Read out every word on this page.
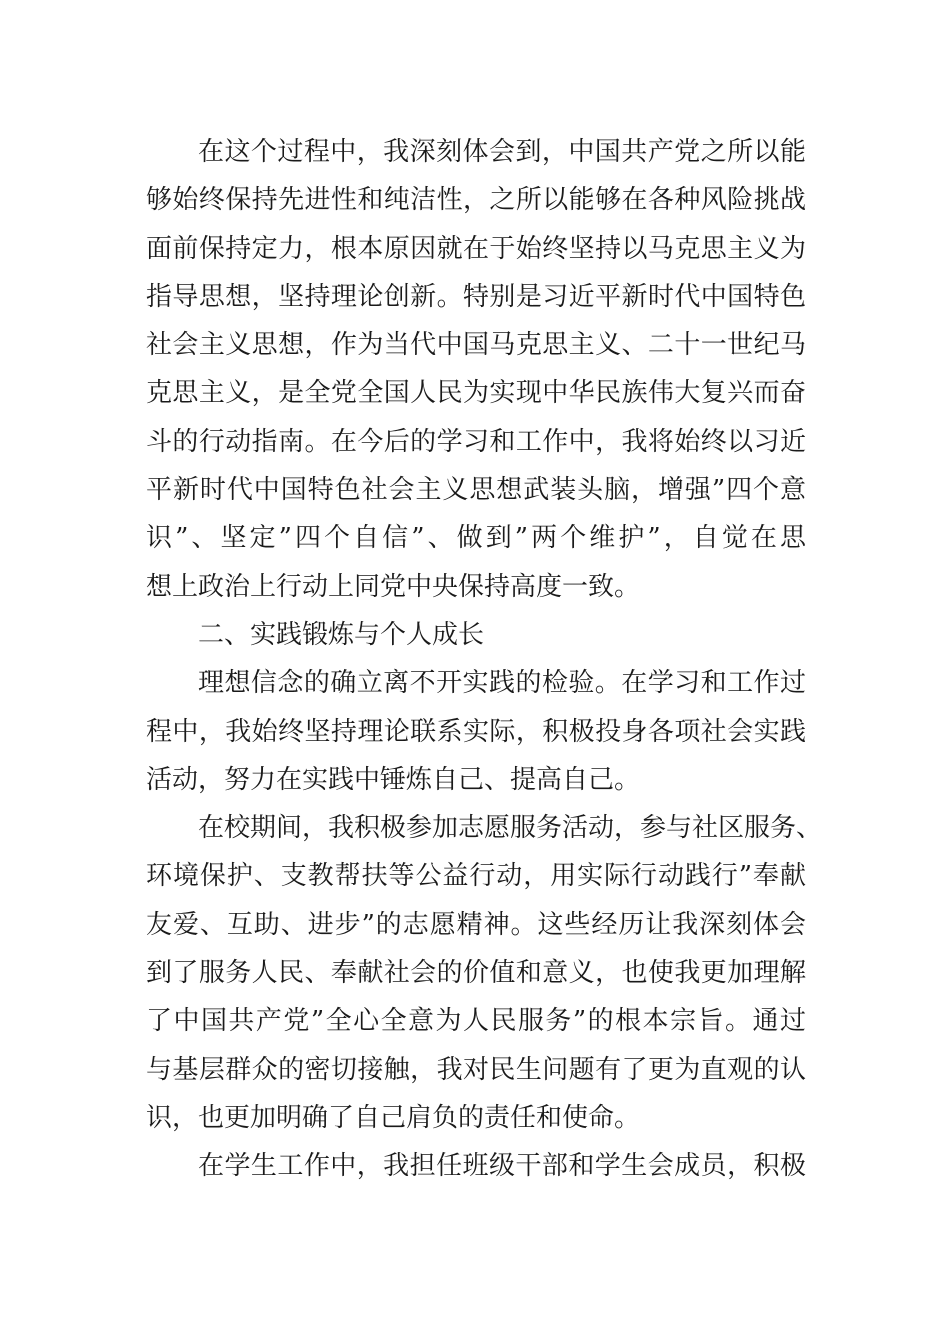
在这个过程中，我深刻体会到，中国共产党之所以能
够始终保持先进性和纯洁性，之所以能够在各种风险挑战
面前保持定力，根本原因就在于始终坚持以马克思主义为
指导思想，坚持理论创新。特别是习近平新时代中国特色
社会主义思想，作为当代中国马克思主义、二十一世纪马
克思主义，是全党全国人民为实现中华民族伟大复兴而奋
斗的行动指南。在今后的学习和工作中，我将始终以习近
平新时代中国特色社会主义思想武装头脑，增强”四个意
识”、坚定”四个自信”、做到”两个维护”，自觉在思
想上政治上行动上同党中央保持高度一致。
二、实践锻炼与个人成长
理想信念的确立离不开实践的检验。在学习和工作过
程中，我始终坚持理论联系实际，积极投身各项社会实践
活动，努力在实践中锤炼自己、提高自己。
在校期间，我积极参加志愿服务活动，参与社区服务、
环境保护、支教帮扶等公益行动，用实际行动践行”奉献
友爱、互助、进步”的志愿精神。这些经历让我深刻体会
到了服务人民、奉献社会的价值和意义，也使我更加理解
了中国共产党”全心全意为人民服务”的根本宗旨。通过
与基层群众的密切接触，我对民生问题有了更为直观的认
识，也更加明确了自己肩负的责任和使命。
在学生工作中，我担任班级干部和学生会成员，积极
